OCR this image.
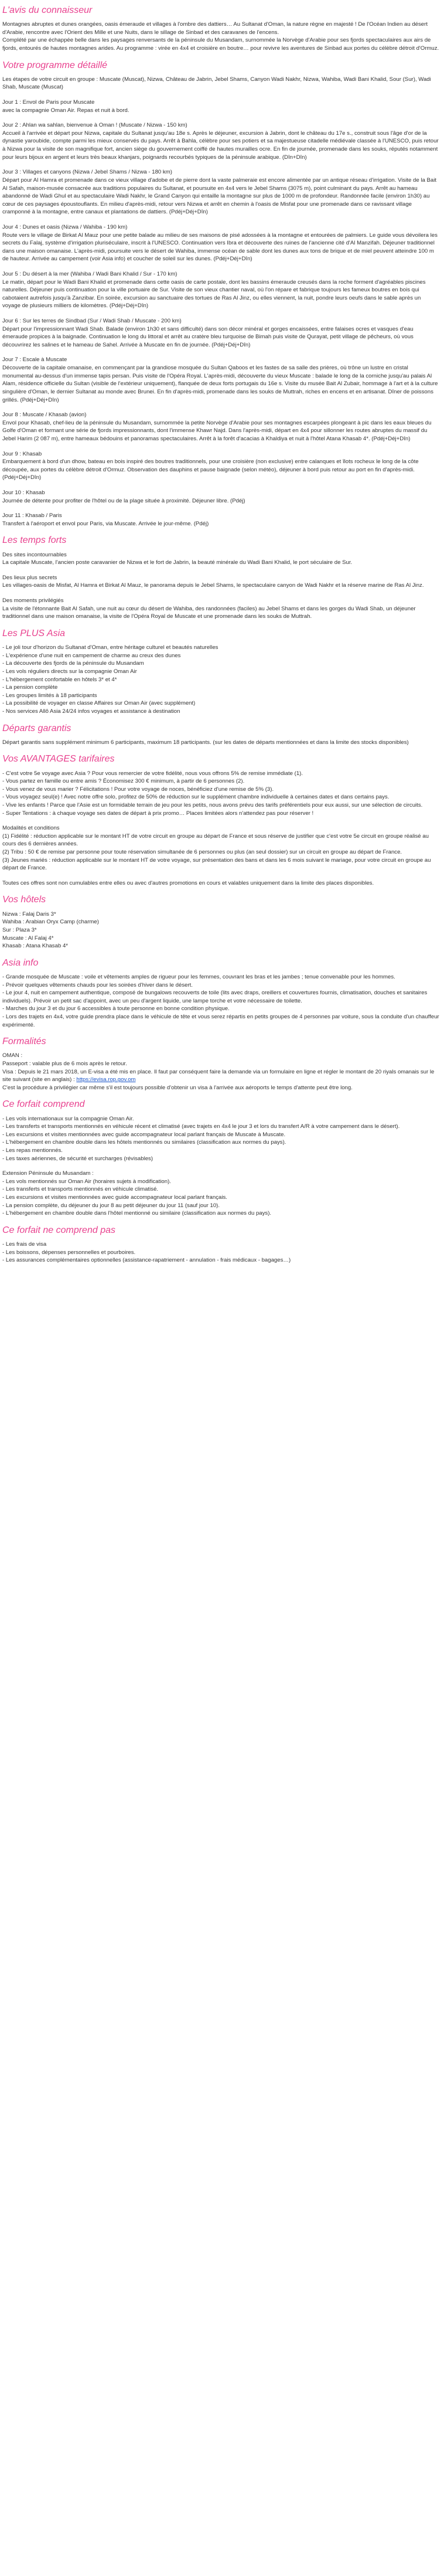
L'avis du connaisseur
Montagnes abruptes et dunes orangées, oasis émeraude et villages à l'ombre des dattiers… Au Sultanat d'Oman, la nature règne en majesté ! De l'Océan Indien au désert d'Arabie, rencontre avec l'Orient des Mille et une Nuits, dans le sillage de Sinbad et des caravanes de l'encens.
Complété par une échappée belle dans les paysages renversants de la péninsule du Musandam, surnommée la Norvège d'Arabie pour ses fjords spectaculaires aux airs de fjords, entourés de hautes montagnes arides. Au programme : virée en 4x4 et croisière en boutre… pour revivre les aventures de Sinbad aux portes du célèbre détroit d'Ormuz.
Votre programme détaillé
Les étapes de votre circuit en groupe : Muscate (Muscat), Nizwa, Château de Jabrin, Jebel Shams, Canyon Wadi Nakhr, Nizwa, Wahiba, Wadi Bani Khalid, Sour (Sur), Wadi Shab, Muscate (Muscat)
Jour 1 : Envol de Paris pour Muscate
avec la compagnie Oman Air. Repas et nuit à bord.
Jour 2 : Ahlan wa sahlan, bienvenue à Oman ! (Muscate / Nizwa - 150 km)
Accueil à l'arrivée et départ pour Nizwa, capitale du Sultanat jusqu'au 18e s. Après le déjeuner, excursion à Jabrin, dont le château du 17e s., construit sous l'âge d'or de la dynastie yaroubide, compte parmi les mieux conservés du pays. Arrêt à Bahla, célèbre pour ses potiers et sa majestueuse citadelle médiévale classée à l'UNESCO, puis retour à Nizwa pour la visite de son magnifique fort, ancien siège du gouvernement coiffé de hautes murailles ocre. En fin de journée, promenade dans les souks, réputés notamment pour leurs bijoux en argent et leurs très beaux khanjars, poignards recourbés typiques de la péninsule arabique. (Dîn+Dîn)
Jour 3 : Villages et canyons (Nizwa / Jebel Shams / Nizwa - 180 km)
Départ pour Al Hamra et promenade dans ce vieux village d'adobe et de pierre dont la vaste palmeraie est encore alimentée par un antique réseau d'irrigation. Visite de la Bait Al Safah, maison-musée consacrée aux traditions populaires du Sultanat, et poursuite en 4x4 vers le Jebel Shams (3075 m), point culminant du pays. Arrêt au hameau abandonné de Wadi Ghul et au spectaculaire Wadi Nakhr, le Grand Canyon qui entaille la montagne sur plus de 1000 m de profondeur. Randonnée facile (environ 1h30) au cœur de ces paysages époustouflants. En milieu d'après-midi, retour vers Nizwa et arrêt en chemin à l'oasis de Misfat pour une promenade dans ce ravissant village cramponné à la montagne, entre canaux et plantations de dattiers. (Pdéj+Déj+Dîn)
Jour 4 : Dunes et oasis (Nizwa / Wahiba - 190 km)
Route vers le village de Birkat Al Mauz pour une petite balade au milieu de ses maisons de pisé adossées à la montagne et entourées de palmiers. Le guide vous dévoilera les secrets du Falaj, système d'irrigation pluriséculaire, inscrit à l'UNESCO. Continuation vers Ibra et découverte des ruines de l'ancienne cité d'Al Manzifah. Déjeuner traditionnel dans une maison omanaise. L'après-midi, poursuite vers le désert de Wahiba, immense océan de sable dont les dunes aux tons de brique et de miel peuvent atteindre 100 m de hauteur. Arrivée au campement (voir Asia info) et coucher de soleil sur les dunes. (Pdéj+Déj+Dîn)
Jour 5 : Du désert à la mer (Wahiba / Wadi Bani Khalid / Sur - 170 km)
Le matin, départ pour le Wadi Bani Khalid et promenade dans cette oasis de carte postale, dont les bassins émeraude creusés dans la roche forment d'agréables piscines naturelles. Déjeuner puis continuation pour la ville portuaire de Sur. Visite de son vieux chantier naval, où l'on répare et fabrique toujours les fameux boutres en bois qui cabotaient autrefois jusqu'à Zanzibar. En soirée, excursion au sanctuaire des tortues de Ras Al Jinz, ou elles viennent, la nuit, pondre leurs oeufs dans le sable après un voyage de plusieurs milliers de kilomètres. (Pdéj+Déj+Dîn)
Jour 6 : Sur les terres de Sindbad (Sur / Wadi Shab / Muscate - 200 km)
Départ pour l'impressionnant Wadi Shab. Balade (environ 1h30 et sans difficulté) dans son décor minéral et gorges encaissées, entre falaises ocres et vasques d'eau émeraude propices à la baignade. Continuation le long du littoral et arrêt au cratère bleu turquoise de Bimah puis visite de Qurayat, petit village de pêcheurs, où vous découvrirez les salines et le hameau de Sahel. Arrivée à Muscate en fin de journée. (Pdéj+Déj+Dîn)
Jour 7 : Escale à Muscate
Découverte de la capitale omanaise, en commençant par la grandiose mosquée du Sultan Qaboos et les fastes de sa salle des prières, où trône un lustre en cristal monumental au-dessus d'un immense tapis persan. Puis visite de l'Opéra Royal. L'après-midi, découverte du vieux Muscate : balade le long de la corniche jusqu'au palais Al Alam, résidence officielle du Sultan (visible de l'extérieur uniquement), flanquée de deux forts portugais du 16e s. Visite du musée Bait Al Zubair, hommage à l'art et à la culture singulière d'Oman, le dernier Sultanat au monde avec Brunei. En fin d'après-midi, promenade dans les souks de Muttrah, riches en encens et en artisanat. Dîner de poissons grillés. (Pdéj+Déj+Dîn)
Jour 8 : Muscate / Khasab (avion)
Envol pour Khasab, chef-lieu de la péninsule du Musandam, surnommée la petite Norvège d'Arabie pour ses montagnes escarpées plongeant à pic dans les eaux bleues du Golfe d'Oman et formant une série de fjords impressionnants, dont l'immense Khawr Najd. Dans l'après-midi, départ en 4x4 pour sillonner les routes abruptes du massif du Jebel Harim (2 087 m), entre hameaux bédouins et panoramas spectaculaires. Arrêt à la forêt d'acacias à Khaldiya et nuit à l'hôtel Atana Khasab 4*. (Pdéj+Déj+Dîn)
Jour 9 : Khasab
Embarquement à bord d'un dhow, bateau en bois inspiré des boutres traditionnels, pour une croisière (non exclusive) entre calanques et îlots rocheux le long de la côte découpée, aux portes du célèbre détroit d'Ormuz. Observation des dauphins et pause baignade (selon météo), déjeuner à bord puis retour au port en fin d'après-midi. (Pdéj+Déj+Dîn)
Jour 10 : Khasab
Journée de détente pour profiter de l'hôtel ou de la plage située à proximité. Déjeuner libre. (Pdéj)
Jour 11 : Khasab / Paris
Transfert à l'aéroport et envol pour Paris, via Muscate. Arrivée le jour-même. (Pdéj)
Les temps forts
Des sites incontournables
La capitale Muscate, l'ancien poste caravanier de Nizwa et le fort de Jabrin, la beauté minérale du Wadi Bani Khalid, le port séculaire de Sur.
Des lieux plus secrets
Les villages-oasis de Misfat, Al Hamra et Birkat Al Mauz, le panorama depuis le Jebel Shams, le spectaculaire canyon de Wadi Nakhr et la réserve marine de Ras Al Jinz.
Des moments privilégiés
La visite de l'étonnante Bait Al Safah, une nuit au cœur du désert de Wahiba, des randonnées (faciles) au Jebel Shams et dans les gorges du Wadi Shab, un déjeuner traditionnel dans une maison omanaise, la visite de l'Opéra Royal de Muscate et une promenade dans les souks de Muttrah.
Les PLUS Asia
- Le joli tour d'horizon du Sultanat d'Oman, entre héritage culturel et beautés naturelles
- L'expérience d'une nuit en campement de charme au creux des dunes
- La découverte des fjords de la péninsule du Musandam
- Les vols réguliers directs sur la compagnie Oman Air
- L'hébergement confortable en hôtels 3* et 4*
- La pension complète
- Les groupes limités à 18 participants
- La possibilité de voyager en classe Affaires sur Oman Air (avec supplément)
- Nos services Allô Asia 24/24 infos voyages et assistance à destination
Départs garantis
Départ garantis sans supplément minimum 6 participants, maximum 18 participants. (sur les dates de départs mentionnées et dans la limite des stocks disponibles)
Vos AVANTAGES tarifaires
- C'est votre 5e voyage avec Asia ? Pour vous remercier de votre fidélité, nous vous offrons 5% de remise immédiate (1).
- Vous partez en famille ou entre amis ? Économisez 300 € minimum, à partir de 6 personnes (2).
- Vous venez de vous marier ? Félicitations ! Pour votre voyage de noces, bénéficiez d'une remise de 5% (3).
- Vous voyagez seul(e) ! Avec notre offre solo, profitez de 50% de réduction sur le supplément chambre individuelle à certaines dates et dans certains pays.
- Vive les enfants ! Parce que l'Asie est un formidable terrain de jeu pour les petits, nous avons prévu des tarifs préférentiels pour eux aussi, sur une sélection de circuits.
- Super Tentations : à chaque voyage ses dates de départ à prix promo… Places limitées alors n'attendez pas pour réserver !
Modalités et conditions
(1) Fidélité : réduction applicable sur le montant HT de votre circuit en groupe au départ de France et sous réserve de justifier que c'est votre 5e circuit en groupe réalisé au cours des 6 dernières années.
(2) Tribu : 50 € de remise par personne pour toute réservation simultanée de 6 personnes ou plus (an seul dossier) sur un circuit en groupe au départ de France.
(3) Jeunes mariés : réduction applicable sur le montant HT de votre voyage, sur présentation des bans et dans les 6 mois suivant le mariage, pour votre circuit en groupe au départ de France.
Toutes ces offres sont non cumulables entre elles ou avec d'autres promotions en cours et valables uniquement dans la limite des places disponibles.
Vos hôtels
Nizwa : Falaj Daris 3*
Wahiba : Arabian Oryx Camp (charme)
Sur : Plaza 3*
Muscate : Al Falaj 4*
Khasab : Atana Khasab 4*
Asia info
- Grande mosquée de Muscate : voile et vêtements amples de rigueur pour les femmes, couvrant les bras et les jambes ; tenue convenable pour les hommes.
- Prévoir quelques vêtements chauds pour les soirées d'hiver dans le désert.
- Le jour 4, nuit en campement authentique, composé de bungalows recouverts de toile (lits avec draps, oreillers et couvertures fournis, climatisation, douches et sanitaires individuels). Prévoir un petit sac d'appoint, avec un peu d'argent liquide, une lampe torche et votre nécessaire de toilette.
- Marches du jour 3 et du jour 6 accessibles à toute personne en bonne condition physique.
- Lors des trajets en 4x4, votre guide prendra place dans le véhicule de tête et vous serez répartis en petits groupes de 4 personnes par voiture, sous la conduite d'un chauffeur expérimenté.
Formalités
OMAN :
Passeport : valable plus de 6 mois après le retour.
Visa : Depuis le 21 mars 2018, un E-visa a été mis en place. Il faut par conséquent faire la demande via un formulaire en ligne et régler le montant de 20 riyals omanais sur le site suivant (site en anglais) : https://evisa.rop.gov.om
C'est la procédure à privilégier car même s'il est toujours possible d'obtenir un visa à l'arrivée aux aéroports le temps d'attente peut être long.
Ce forfait comprend
- Les vols internationaux sur la compagnie Oman Air.
- Les transferts et transports mentionnés en véhicule récent et climatisé (avec trajets en 4x4 le jour 3 et lors du transfert A/R à votre campement dans le désert).
- Les excursions et visites mentionnées avec guide accompagnateur local parlant français de Muscate à Muscate.
- L'hébergement en chambre double dans les hôtels mentionnés ou similaires (classification aux normes du pays).
- Les repas mentionnés.
- Les taxes aériennes, de sécurité et surcharges (révisables)
Extension Péninsule du Musandam :
- Les vols mentionnés sur Oman Air (horaires sujets à modification).
- Les transferts et transports mentionnés en véhicule climatisé.
- Les excursions et visites mentionnées avec guide accompagnateur local parlant français.
- La pension complète, du déjeuner du jour 8 au petit déjeuner du jour 11 (sauf jour 10).
- L'hébergement en chambre double dans l'hôtel mentionné ou similaire (classification aux normes du pays).
Ce forfait ne comprend pas
- Les frais de visa
- Les boissons, dépenses personnelles et pourboires.
- Les assurances complémentaires optionnelles (assistance-rapatriement - annulation - frais médicaux - bagages…)
